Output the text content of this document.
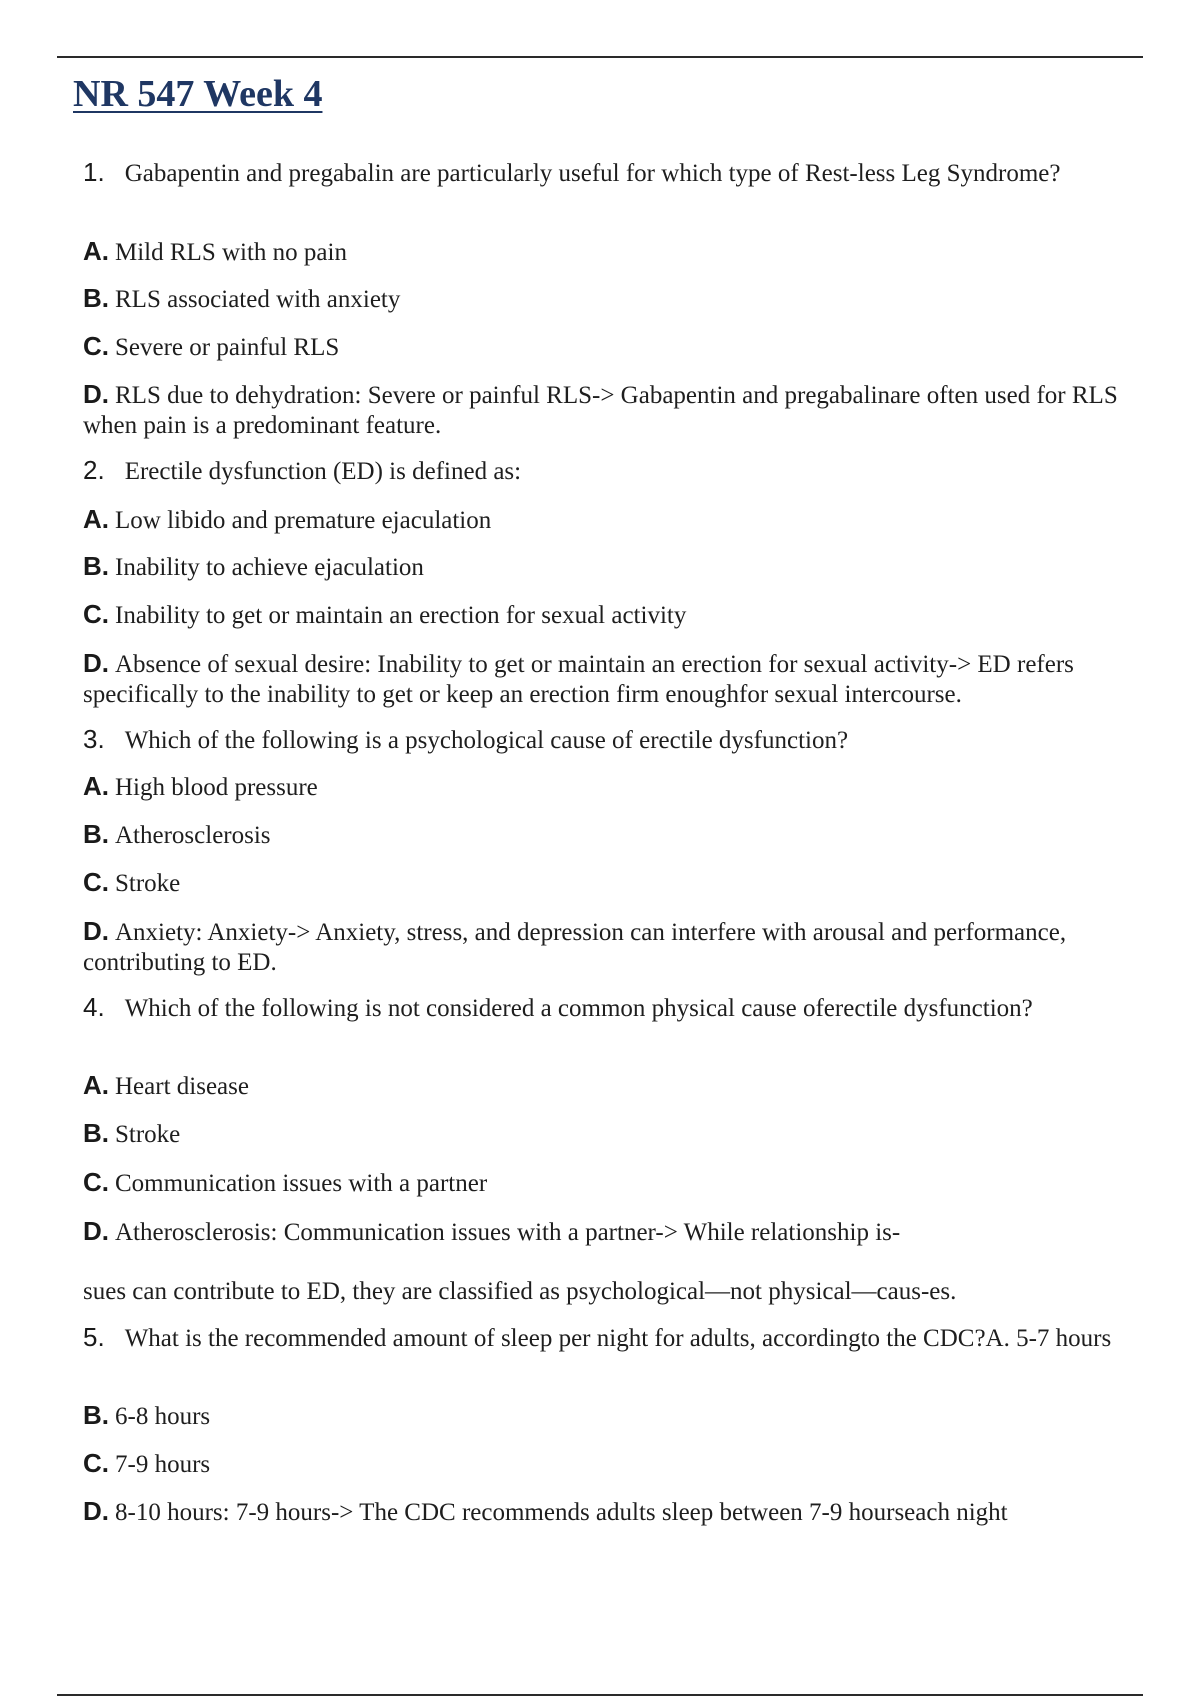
NR 547 Week 4
1. Gabapentin and pregabalin are particularly useful for which type of Rest-less Leg Syndrome?
A. Mild RLS with no pain
B. RLS associated with anxiety
C. Severe or painful RLS
D. RLS due to dehydration: Severe or painful RLS-> Gabapentin and pregabalinare often used for RLS when pain is a predominant feature.
2. Erectile dysfunction (ED) is defined as:
A. Low libido and premature ejaculation
B. Inability to achieve ejaculation
C. Inability to get or maintain an erection for sexual activity
D. Absence of sexual desire: Inability to get or maintain an erection for sexual activity-> ED refers specifically to the inability to get or keep an erection firm enoughfor sexual intercourse.
3. Which of the following is a psychological cause of erectile dysfunction?
A. High blood pressure
B. Atherosclerosis
C. Stroke
D. Anxiety: Anxiety-> Anxiety, stress, and depression can interfere with arousal and performance, contributing to ED.
4. Which of the following is not considered a common physical cause oferectile dysfunction?
A. Heart disease
B. Stroke
C. Communication issues with a partner
D. Atherosclerosis: Communication issues with a partner-> While relationship is-
sues can contribute to ED, they are classified as psychological—not physical—caus-es.
5. What is the recommended amount of sleep per night for adults, accordingto the CDC?A. 5-7 hours
B. 6-8 hours
C. 7-9 hours
D. 8-10 hours: 7-9 hours-> The CDC recommends adults sleep between 7-9 hourseach night
